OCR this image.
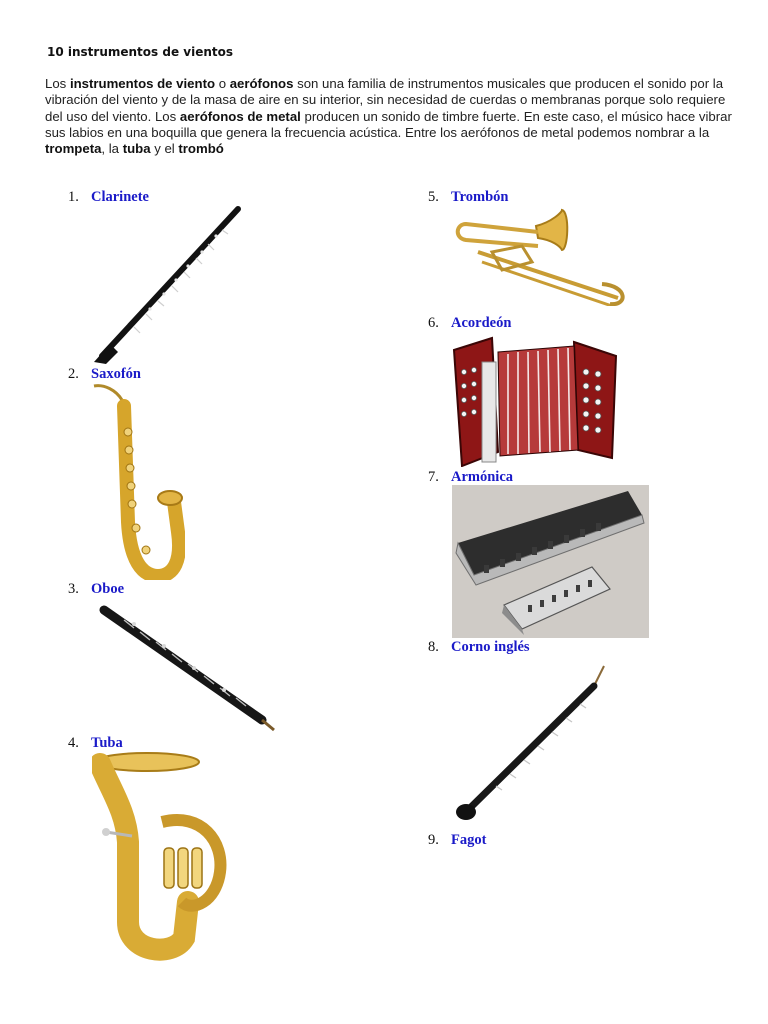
10 instrumentos de vientos
Los instrumentos de viento o aerófonos son una familia de instrumentos musicales que producen el sonido por la vibración del viento y de la masa de aire en su interior, sin necesidad de cuerdas o membranas porque solo requiere del uso del viento. Los aerófonos de metal producen un sonido de timbre fuerte. En este caso, el músico hace vibrar sus labios en una boquilla que genera la frecuencia acústica. Entre los aerófonos de metal podemos nombrar a la trompeta, la tuba y el trombó
1. Clarinete
2. Saxofón
3. Oboe
4. Tuba
5. Trombón
6. Acordeón
7. Armónica
8. Corno inglés
9. Fagot
